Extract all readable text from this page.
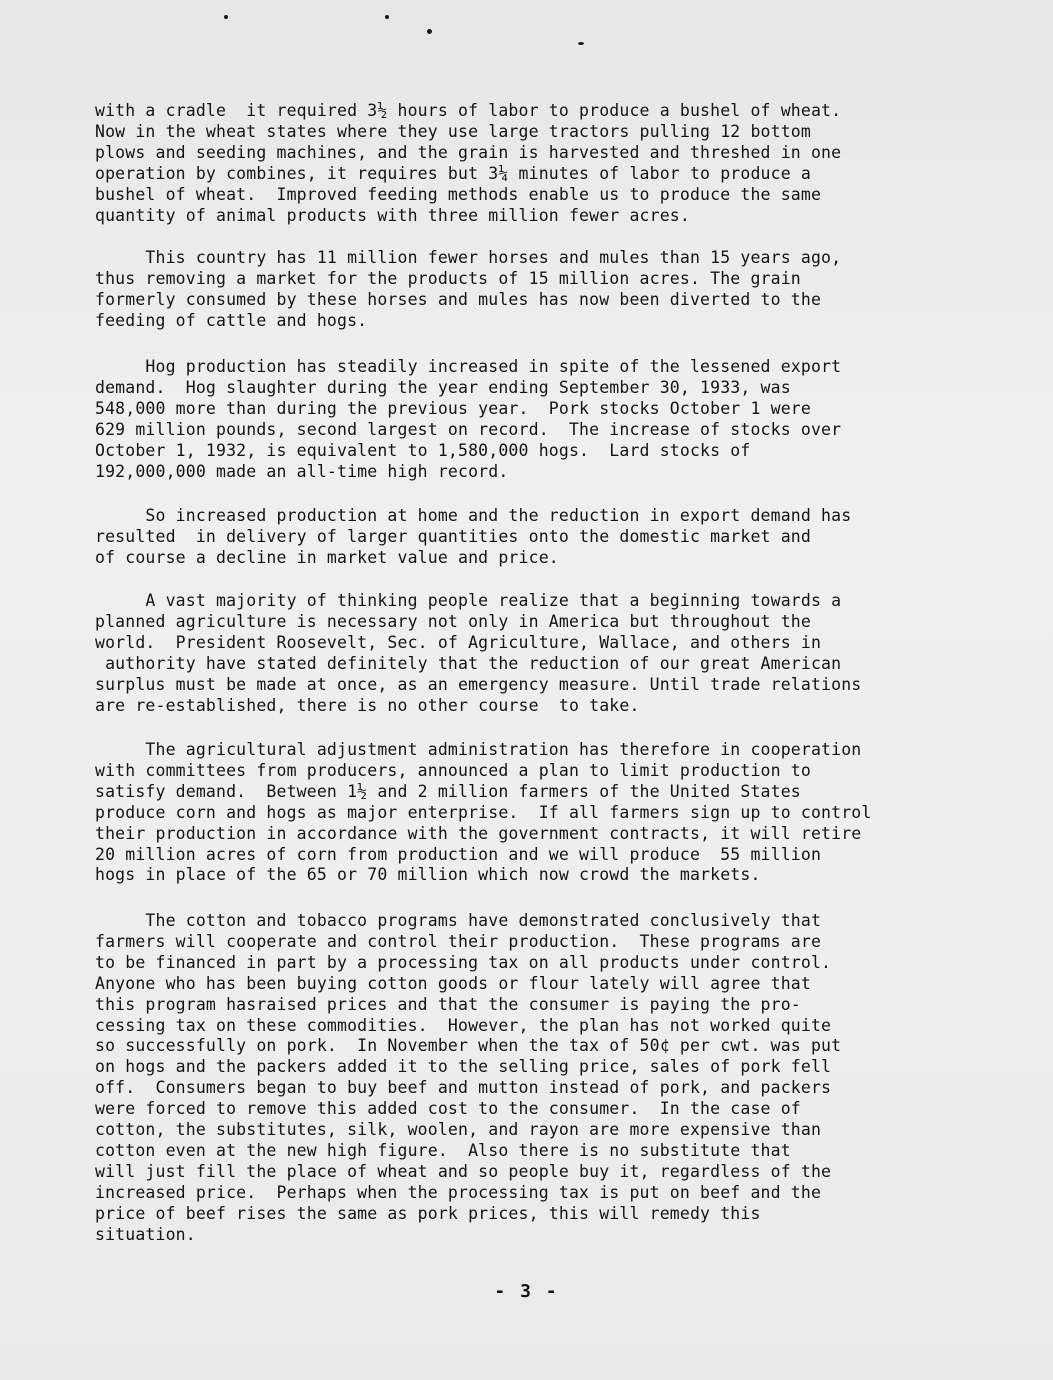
with a cradle  it required 3½ hours of labor to produce a bushel of wheat.
Now in the wheat states where they use large tractors pulling 12 bottom
plows and seeding machines, and the grain is harvested and threshed in one
operation by combines, it requires but 3¼ minutes of labor to produce a
bushel of wheat.  Improved feeding methods enable us to produce the same
quantity of animal products with three million fewer acres.

This country has 11 million fewer horses and mules than 15 years ago,
thus removing a market for the products of 15 million acres. The grain
formerly consumed by these horses and mules has now been diverted to the
feeding of cattle and hogs.

Hog production has steadily increased in spite of the lessened export
demand.  Hog slaughter during the year ending September 30, 1933, was
548,000 more than during the previous year.  Pork stocks October 1 were
629 million pounds, second largest on record.  The increase of stocks over
October 1, 1932, is equivalent to 1,580,000 hogs.  Lard stocks of
192,000,000 made an all-time high record.

So increased production at home and the reduction in export demand has
resulted  in delivery of larger quantities onto the domestic market and
of course a decline in market value and price.

A vast majority of thinking people realize that a beginning towards a
planned agriculture is necessary not only in America but throughout the
world.  President Roosevelt, Sec. of Agriculture, Wallace, and others in
authority have stated definitely that the reduction of our great American
surplus must be made at once, as an emergency measure. Until trade relations
are re-established, there is no other course  to take.

The agricultural adjustment administration has therefore in cooperation
with committees from producers, announced a plan to limit production to
satisfy demand.  Between 1½ and 2 million farmers of the United States
produce corn and hogs as major enterprise.  If all farmers sign up to control
their production in accordance with the government contracts, it will retire
20 million acres of corn from production and we will produce  55 million
hogs in place of the 65 or 70 million which now crowd the markets.

The cotton and tobacco programs have demonstrated conclusively that
farmers will cooperate and control their production.  These programs are
to be financed in part by a processing tax on all products under control.
Anyone who has been buying cotton goods or flour lately will agree that
this program hasraised prices and that the consumer is paying the pro-
cessing tax on these commodities.  However, the plan has not worked quite
so successfully on pork.  In November when the tax of 50¢ per cwt. was put
on hogs and the packers added it to the selling price, sales of pork fell
off.  Consumers began to buy beef and mutton instead of pork, and packers
were forced to remove this added cost to the consumer.  In the case of
cotton, the substitutes, silk, woolen, and rayon are more expensive than
cotton even at the new high figure.  Also there is no substitute that
will just fill the place of wheat and so people buy it, regardless of the
increased price.  Perhaps when the processing tax is put on beef and the
price of beef rises the same as pork prices, this will remedy this
situation.

- 3 -
